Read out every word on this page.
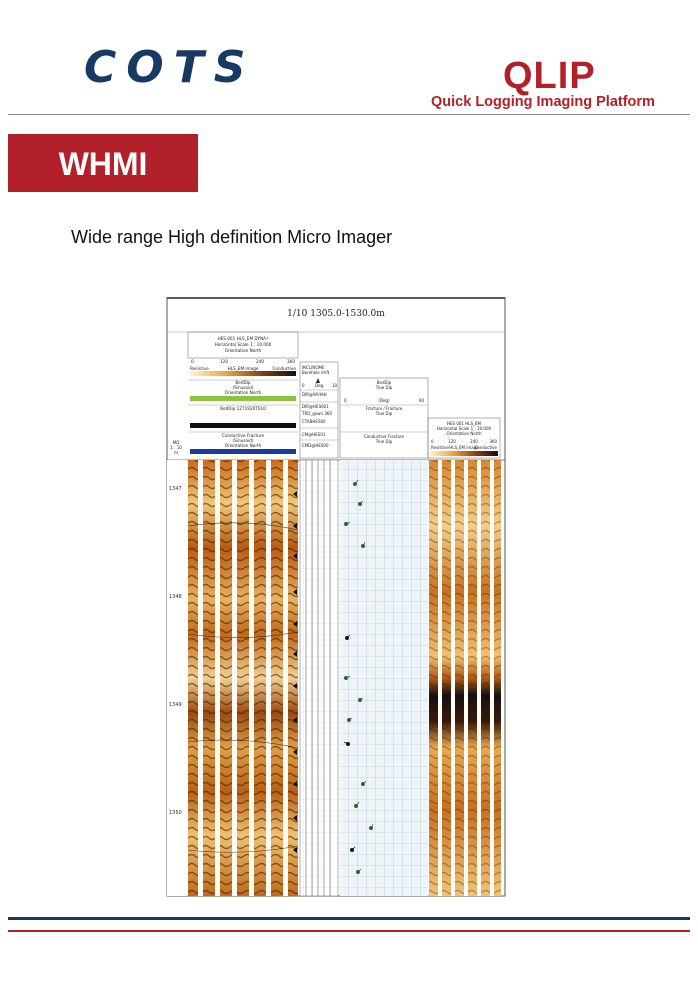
COTS	QLIP
Quick Logging Imaging Platform
WHMI
Wide range High definition Micro Imager
1/10 1305.0-1530.0m
HES 001 HLS_EM DYNA I
Horizontal Scale 1 : 10.000
Orientation North
0	120	240	360
Resistive	HLS_EM image	Conductive
BedDip
(Sinusoid)
Orientation North
BedDip 1271920T010
Conductive Fracture
(Sinusoid)
Orientation North
MD
1 : 10
m
INCLINOME
Borehole drift
0	Deg 10
DIR@WVIAH
DIR@HES001
TRD_gown 360
CTABHES00
CM@HES01
CMD@HES00
BedDip
True Dip
0	(Deg)	90
Fracture / Fracture
True Dip
Conductive Fracture
True Dip
HES 001 HLS_EM
Horizontal Scale 1 : 10.000
Orientation North
0	120	240	360
Resistive HLS_EM image
Conductive
1347
1348
1349
1350
